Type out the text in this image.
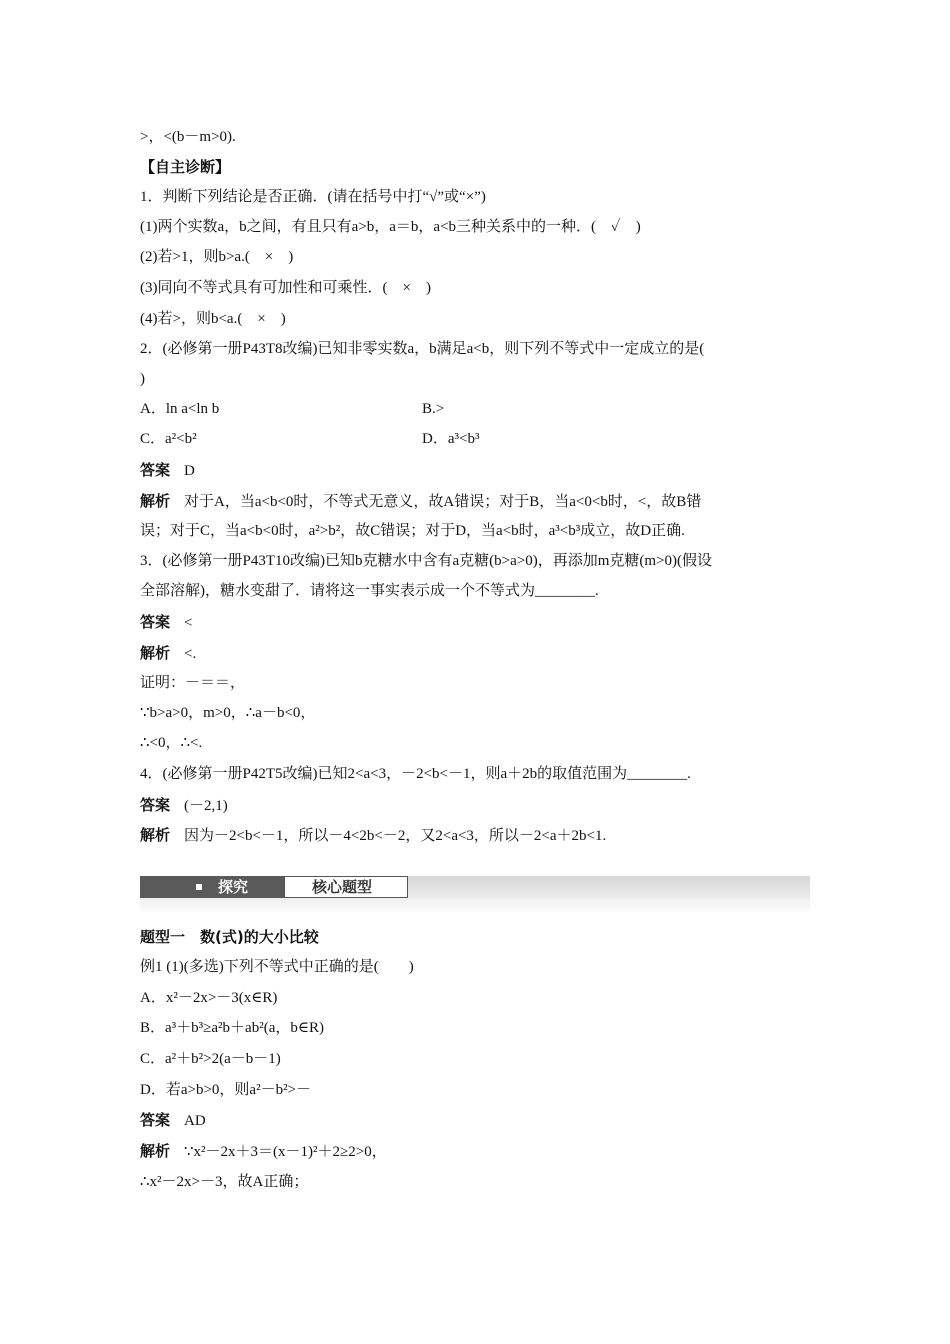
>，<(b－m>0).
【自主诊断】
1．判断下列结论是否正确．(请在括号中打“√”或“×”)
(1)两个实数a，b之间，有且只有a>b，a＝b，a<b三种关系中的一种．(　✓　)
(2)若>1，则b>a.(　×　)
(3)同向不等式具有可加性和可乘性．(　×　)
(4)若>，则b<a.(　×　)
2．(必修第一册P43T8改编)已知非零实数a，b满足a<b，则下列不等式中一定成立的是(
)
A．ln a<ln b	B.>
C．a²<b²	D．a³<b³
答案 D
解析 对于A，当a<b<0时，不等式无意义，故A错误；对于B，当a<0<b时，<，故B错
误；对于C，当a<b<0时，a²>b²，故C错误；对于D，当a<b时，a³<b³成立，故D正确.
3．(必修第一册P43T10改编)已知b克糖水中含有a克糖(b>a>0)，再添加m克糖(m>0)(假设
全部溶解)，糖水变甜了．请将这一事实表示成一个不等式为________.
答案 <
解析 <.
证明：－＝＝，
∵b>a>0，m>0，∴a－b<0，
∴<0，∴<.
4．(必修第一册P42T5改编)已知2<a<3，－2<b<－1，则a＋2b的取值范围为________.
答案 (－2,1)
解析 因为－2<b<－1，所以－4<2b<－2，又2<a<3，所以－2<a＋2b<1.
探究	核心题型
题型一　数(式)的大小比较
例1 (1)(多选)下列不等式中正确的是(　　)
A．x²－2x>－3(x∈R)
B．a³＋b³≥a²b＋ab²(a，b∈R)
C．a²＋b²>2(a－b－1)
D．若a>b>0，则a²－b²>－
答案 AD
解析 ∵x²－2x＋3＝(x－1)²＋2≥2>0，
∴x²－2x>－3，故A正确；
